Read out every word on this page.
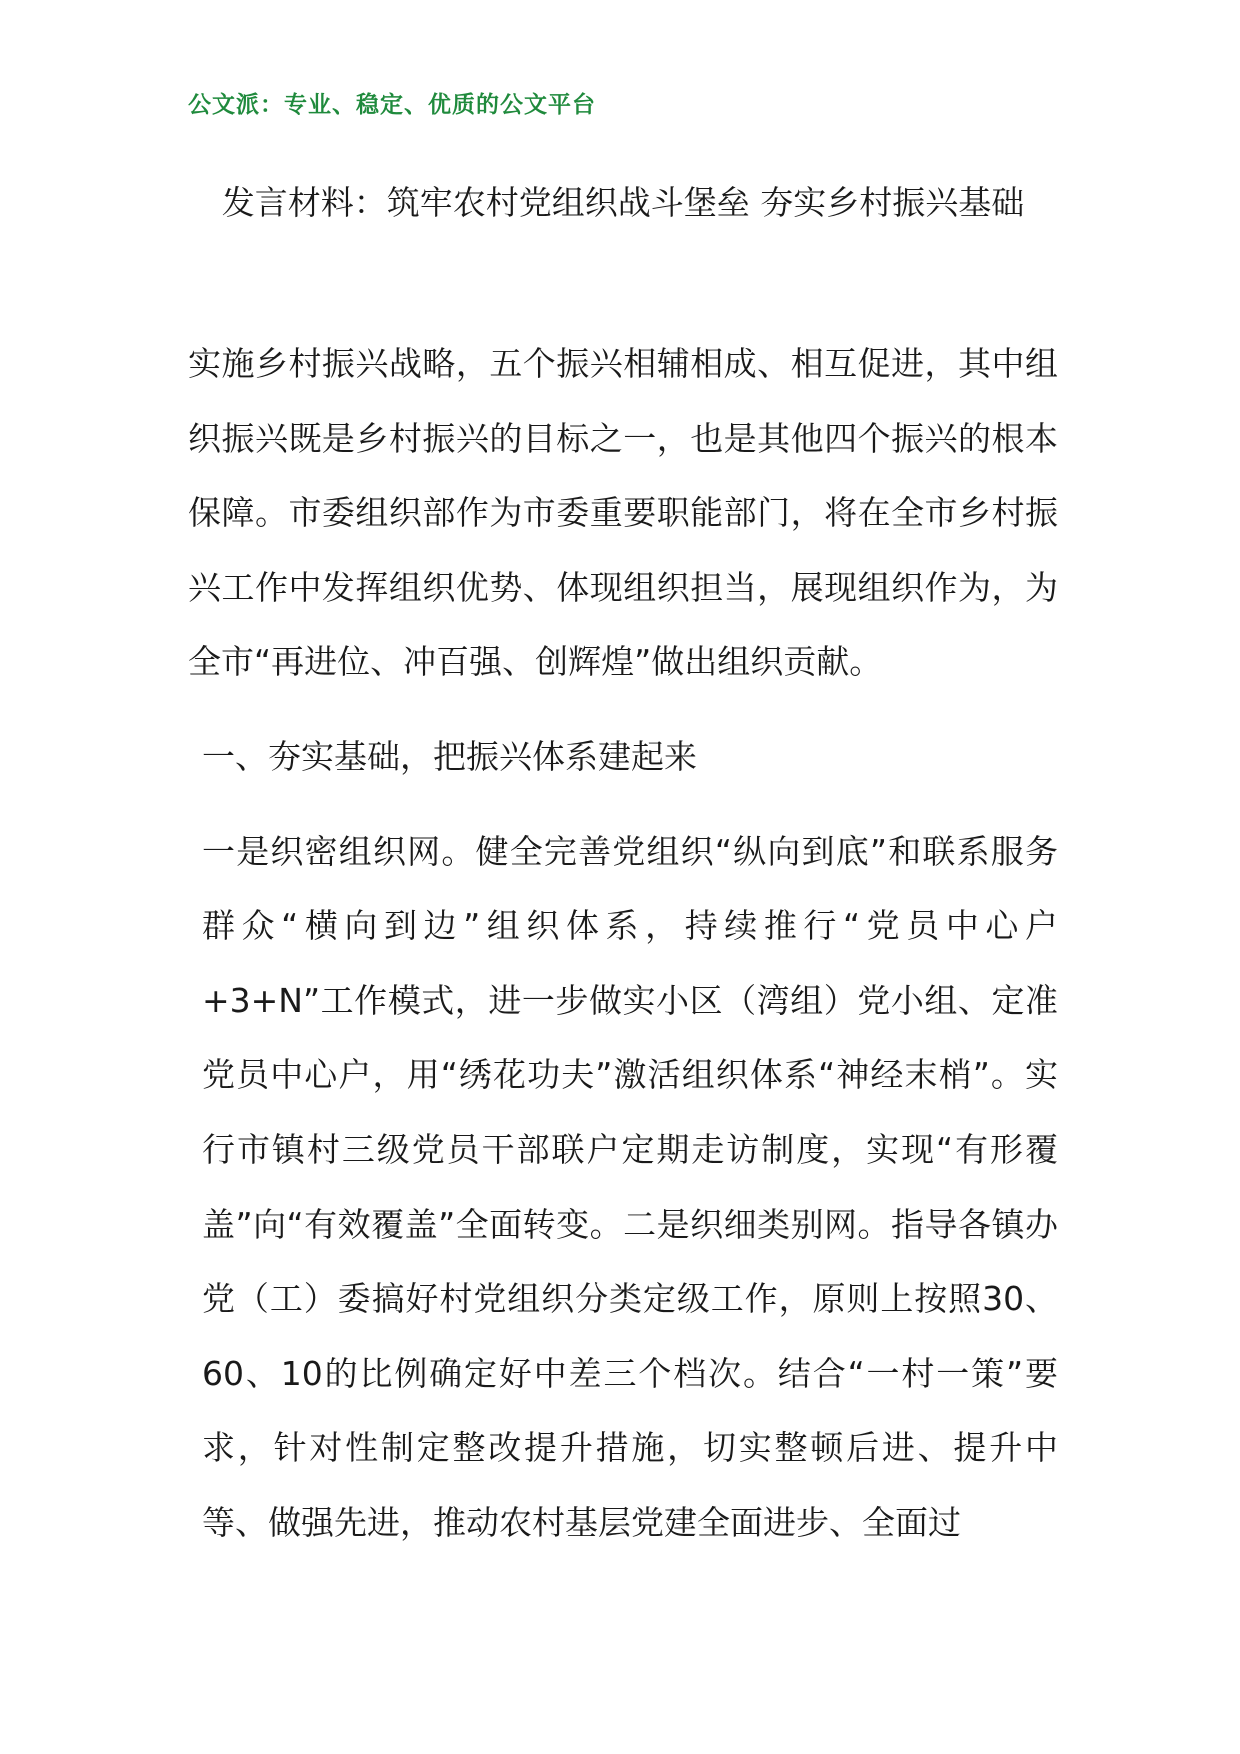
公文派：专业、稳定、优质的公文平台
发言材料：筑牢农村党组织战斗堡垒 夯实乡村振兴基础

实施乡村振兴战略，五个振兴相辅相成、相互促进，其中组织振兴既是乡村振兴的目标之一，也是其他四个振兴的根本保障。市委组织部作为市委重要职能部门，将在全市乡村振兴工作中发挥组织优势、体现组织担当，展现组织作为，为全市“再进位、冲百强、创辉煌”做出组织贡献。

一、夯实基础，把振兴体系建起来

一是织密组织网。健全完善党组织“纵向到底”和联系服务群众“横向到边”组织体系，持续推行“党员中心户+3+N”工作模式，进一步做实小区（湾组）党小组、定准党员中心户，用“绣花功夫”激活组织体系“神经末梢”。实行市镇村三级党员干部联户定期走访制度，实现“有形覆盖”向“有效覆盖”全面转变。二是织细类别网。指导各镇办党（工）委搞好村党组织分类定级工作，原则上按照30、60、10的比例确定好中差三个档次。结合“一村一策”要求，针对性制定整改提升措施，切实整顿后进、提升中等、做强先进，推动农村基层党建全面进步、全面过
